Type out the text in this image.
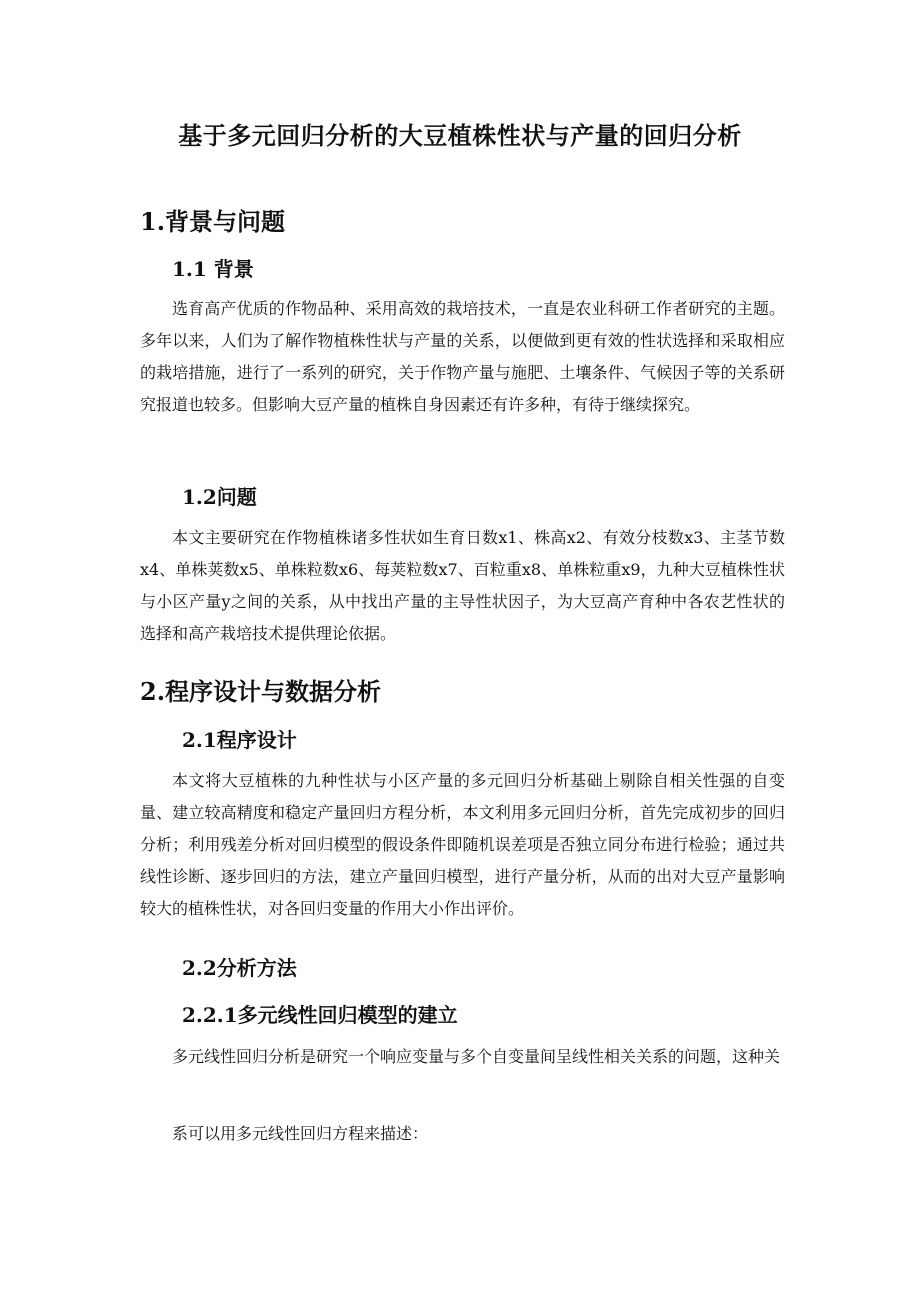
基于多元回归分析的大豆植株性状与产量的回归分析
1.背景与问题
1.1 背景
选育高产优质的作物品种、采用高效的栽培技术，一直是农业科研工作者研究的主题。多年以来，人们为了解作物植株性状与产量的关系，以便做到更有效的性状选择和采取相应的栽培措施，进行了一系列的研究，关于作物产量与施肥、土壤条件、气候因子等的关系研究报道也较多。但影响大豆产量的植株自身因素还有许多种，有待于继续探究。
1.2问题
本文主要研究在作物植株诸多性状如生育日数x1、株高x2、有效分枝数x3、主茎节数x4、单株荚数x5、单株粒数x6、每荚粒数x7、百粒重x8、单株粒重x9，九种大豆植株性状与小区产量y之间的关系，从中找出产量的主导性状因子，为大豆高产育种中各农艺性状的选择和高产栽培技术提供理论依据。
2.程序设计与数据分析
2.1程序设计
本文将大豆植株的九种性状与小区产量的多元回归分析基础上剔除自相关性强的自变量、建立较高精度和稳定产量回归方程分析，本文利用多元回归分析，首先完成初步的回归分析；利用残差分析对回归模型的假设条件即随机误差项是否独立同分布进行检验；通过共线性诊断、逐步回归的方法，建立产量回归模型，进行产量分析，从而的出对大豆产量影响较大的植株性状，对各回归变量的作用大小作出评价。
2.2分析方法
2.2.1多元线性回归模型的建立
多元线性回归分析是研究一个响应变量与多个自变量间呈线性相关关系的问题，这种关
系可以用多元线性回归方程来描述：
